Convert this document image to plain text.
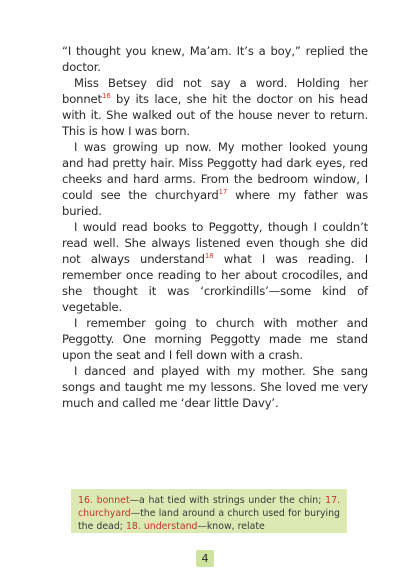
“I thought you knew, Ma’am. It’s a boy,” replied the doctor.

Miss Betsey did not say a word. Holding her bonnet$^{16}$ by its lace, she hit the doctor on his head with it. She walked out of the house never to return. This is how I was born.

I was growing up now. My mother looked young and had pretty hair. Miss Peggotty had dark eyes, red cheeks and hard arms. From the bedroom window, I could see the churchyard$^{17}$ where my father was buried.

I would read books to Peggotty, though I couldn’t read well. She always listened even though she did not always understand$^{18}$ what I was reading. I remember once reading to her about crocodiles, and she thought it was ‘crorkindills’—some kind of vegetable.

I remember going to church with mother and Peggotty. One morning Peggotty made me stand upon the seat and I fell down with a crash.

I danced and played with my mother. She sang songs and taught me my lessons. She loved me very much and called me ‘dear little Davy’.

16. bonnet—a hat tied with strings under the chin; 17. churchyard—the land around a church used for burying the dead; 18. understand—know, relate
4
